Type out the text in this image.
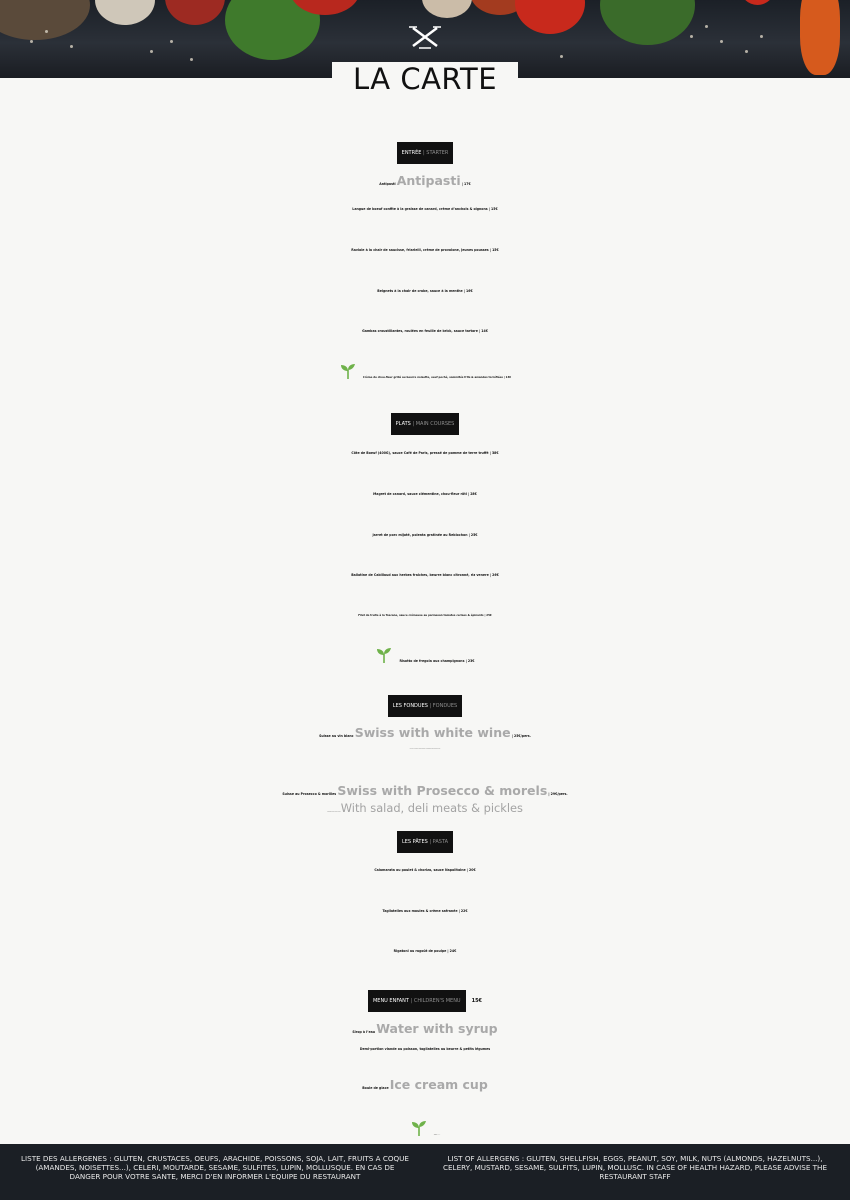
LA CARTE
ENTRÉE | STARTER
Antipasti Antipasti | 17€
Langue de boeuf confite à la graisse de canard, crème d’anchois & oignons | 15€
Raviole à la chair de saucisse, friarielli, crème de provolone, jeunes pousses | 15€
Beignets à la chair de crabe, sauce à la menthe | 16€
Gambas croustillantes, roulées en feuille de brick, sauce tartare | 14€
Crème de chou-fleur grillé au beurre noisette, oeuf poché, sommités frits & amandes torréfiées | 13€
PLATS | MAIN COURSES
Côte de Boeuf (400G), sauce Café de Paris, pressé de pomme de terre truffé | 38€
Magret de canard, sauce clémentine, chou-fleur rôti | 28€
Jarret de porc mijoté, polenta gratinée au Reblochon | 25€
Ballotine de Cabillaud aux herbes fraiches, beurre blanc citronné, riz venere | 26€
Filet de truite à la Toscane, sauce crémeuse au parmesan tomates cerises & épinards | 25€
Risotto de fregola aux champignons | 23€
LES FONDUES | FONDUES
Suisse au vin blanc Swiss with white wine | 25€/pers.
Suisse au Prosecco & morilles Swiss with Prosecco & morels | 29€/pers.
With salad, deli meats & pickles
LES PÂTES | PASTA
Calamarata au poulet & chorizo, sauce Napolitaine | 20€
Tagliatelles aux moules & crème safranée | 22€
Rigatoni au ragoût de poulpe | 24€
MENU ENFANT | CHILDREN'S MENU 15€
Sirop à l’eau Water with syrup
Demi-portion viande ou poisson, tagliatelles au beurre & petits légumes
Boule de glace Ice cream cup
LISTE DES ALLERGENES : GLUTEN, CRUSTACES, OEUFS, ARACHIDE, POISSONS, SOJA, LAIT, FRUITS A COQUE (AMANDES, NOISETTES...), CELERI, MOUTARDE, SESAME, SULFITES, LUPIN, MOLLUSQUE. EN CAS DE DANGER POUR VOTRE SANTE, MERCI D'EN INFORMER L'EQUIPE DU RESTAURANT
LIST OF ALLERGENS : GLUTEN, SHELLFISH, EGGS, PEANUT, SOY, MILK, NUTS (ALMONDS, HAZELNUTS...), CELERY, MUSTARD, SESAME, SULFITS, LUPIN, MOLLUSC. IN CASE OF HEALTH HAZARD, PLEASE ADVISE THE RESTAURANT STAFF
